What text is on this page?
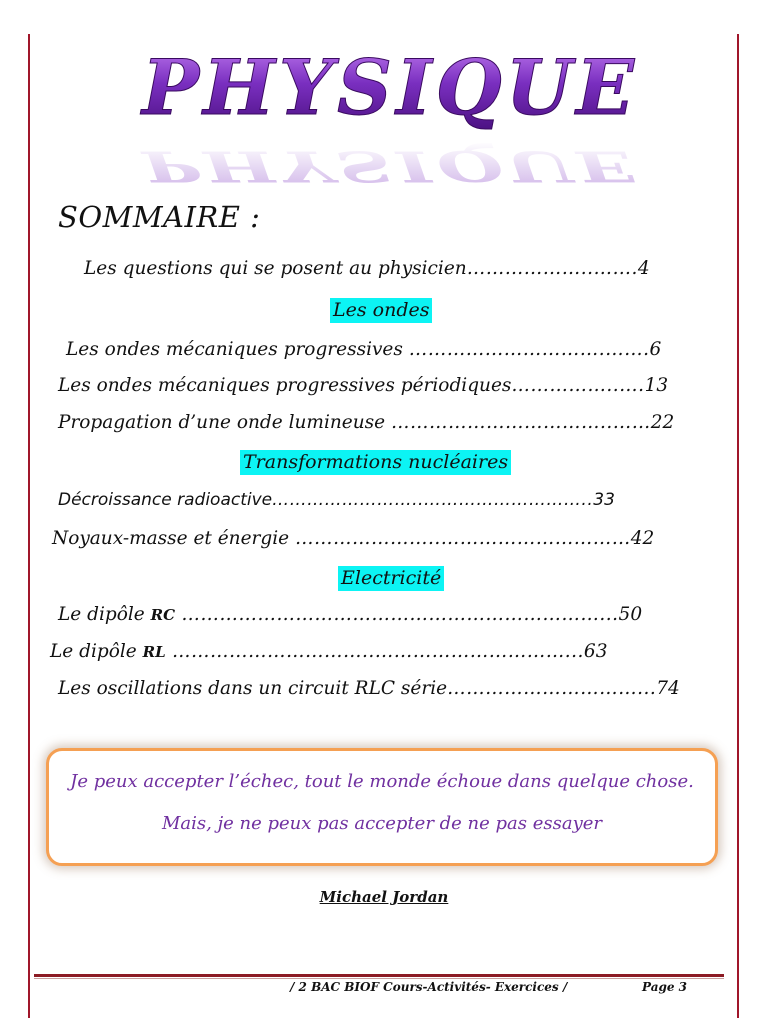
PHYSIQUE
PHYSIQUE
SOMMAIRE :
Les questions qui se posent au physicien………………..…….4
Les ondes
Les ondes mécaniques progressives ………………………….…….6
Les ondes mécaniques progressives périodiques……………..….13
Propagation d’une onde lumineuse ……………………………..……22
Transformations nucléaires
Décroissance radioactive……………………..………………………..33
Noyaux-masse et énergie …………………..…………………………42
Electricité
Le dipôle RC …………………………………………………………...50
Le dipôle RL …………………………..…………………………...63
Les oscillations dans un circuit RLC série…………………………...74
Je peux accepter l’échec, tout le monde échoue dans quelque chose.
Mais, je ne peux pas accepter de ne pas essayer
Michael Jordan
/ 2 BAC BIOF Cours-Activités- Exercices /	Page 3
